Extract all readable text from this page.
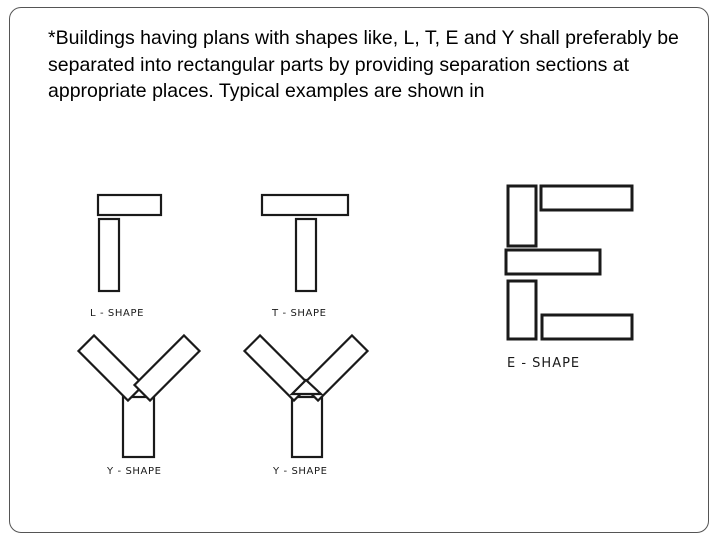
*Buildings having plans with shapes like, L, T, E and Y shall preferably be separated into rectangular parts by providing separation sections at appropriate places. Typical examples are shown in

L - SHAPE	T - SHAPE
Y - SHAPE	Y - SHAPE
E - SHAPE
